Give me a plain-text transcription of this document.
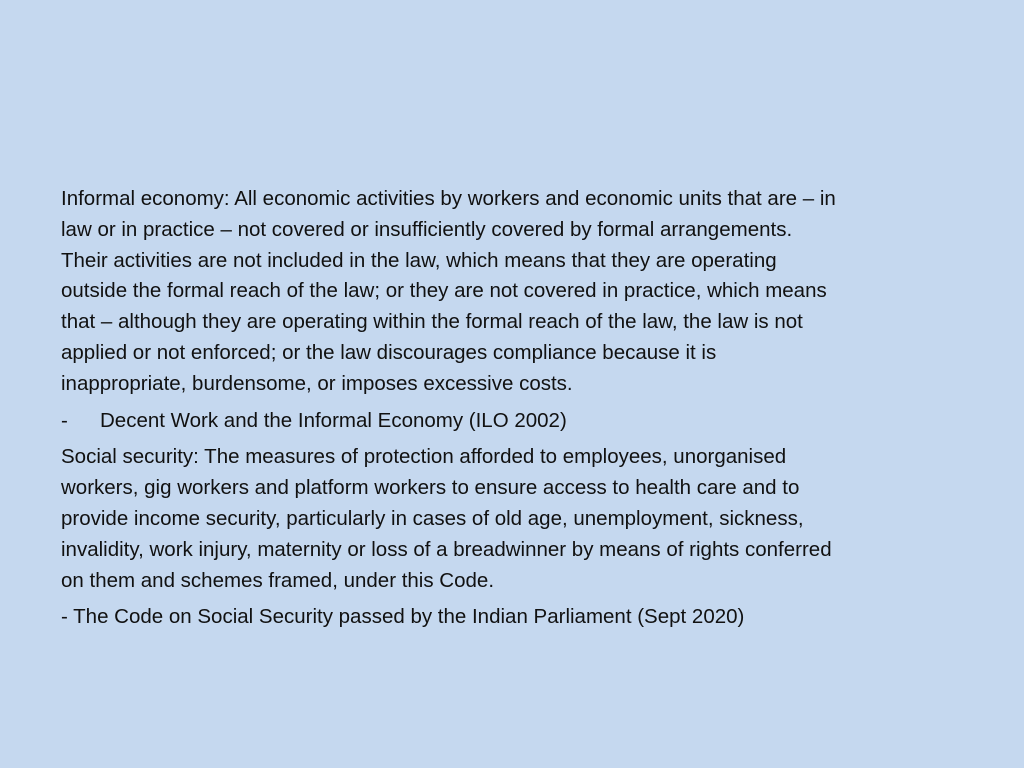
Informal economy: All economic activities by workers and economic units that are – in
law or in practice – not covered or insufficiently covered by formal arrangements.
Their activities are not included in the law, which means that they are operating
outside the formal reach of the law; or they are not covered in practice, which means
that – although they are operating within the formal reach of the law, the law is not
applied or not enforced; or the law discourages compliance because it is
inappropriate, burdensome, or imposes excessive costs.

-	Decent Work and the Informal Economy (ILO 2002)

Social security: The measures of protection afforded to employees, unorganised
workers, gig workers and platform workers to ensure access to health care and to
provide income security, particularly in cases of old age, unemployment, sickness,
invalidity, work injury, maternity or loss of a breadwinner by means of rights conferred
on them and schemes framed, under this Code.

- The Code on Social Security passed by the Indian Parliament (Sept 2020)
